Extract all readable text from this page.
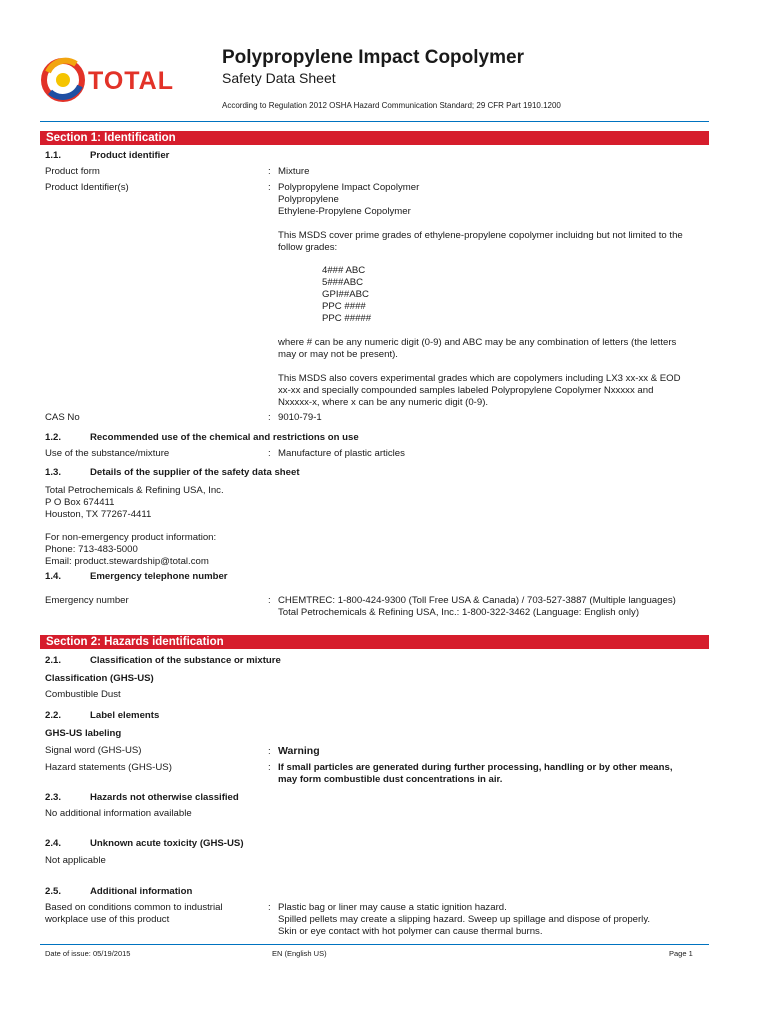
TOTAL
Polypropylene Impact Copolymer
Safety Data Sheet
According to Regulation 2012 OSHA Hazard Communication Standard; 29 CFR Part 1910.1200
Section 1: Identification
1.1.	Product identifier
Product form	: Mixture
Product Identifier(s)	: Polypropylene Impact Copolymer
Polypropylene
Ethylene-Propylene Copolymer
This MSDS cover prime grades of ethylene-propylene copolymer incluidng but not limited to the
follow grades:
4### ABC
5###ABC
GPI##ABC
PPC ####
PPC #####
where # can be any numeric digit (0-9) and ABC may be any combination of letters (the letters
may or may not be present).
This MSDS also covers experimental grades which are copolymers including LX3 xx-xx & EOD
xx-xx and specially compounded samples labeled Polypropylene Copolymer Nxxxxx and
Nxxxxx-x, where x can be any numeric digit (0-9).
CAS No	: 9010-79-1
1.2.	Recommended use of the chemical and restrictions on use
Use of the substance/mixture	: Manufacture of plastic articles
1.3.	Details of the supplier of the safety data sheet
Total Petrochemicals & Refining USA, Inc.
P O Box 674411
Houston, TX 77267-4411
For non-emergency product information:
Phone: 713-483-5000
Email: product.stewardship@total.com
1.4.	Emergency telephone number
Emergency number	: CHEMTREC: 1-800-424-9300 (Toll Free USA & Canada) / 703-527-3887 (Multiple languages)
Total Petrochemicals & Refining USA, Inc.: 1-800-322-3462 (Language: English only)
Section 2: Hazards identification
2.1.	Classification of the substance or mixture
Classification (GHS-US)
Combustible Dust
2.2.	Label elements
GHS-US labeling
Signal word (GHS-US)	: Warning
Hazard statements (GHS-US)	: If small particles are generated during further processing, handling or by other means,
may form combustible dust concentrations in air.
2.3.	Hazards not otherwise classified
No additional information available
2.4.	Unknown acute toxicity (GHS-US)
Not applicable
2.5.	Additional information
Based on conditions common to industrial
workplace use of this product
: Plastic bag or liner may cause a static ignition hazard.
Spilled pellets may create a slipping hazard. Sweep up spillage and dispose of properly.
Skin or eye contact with hot polymer can cause thermal burns.
Date of issue: 05/19/2015	EN (English US)	Page 1
